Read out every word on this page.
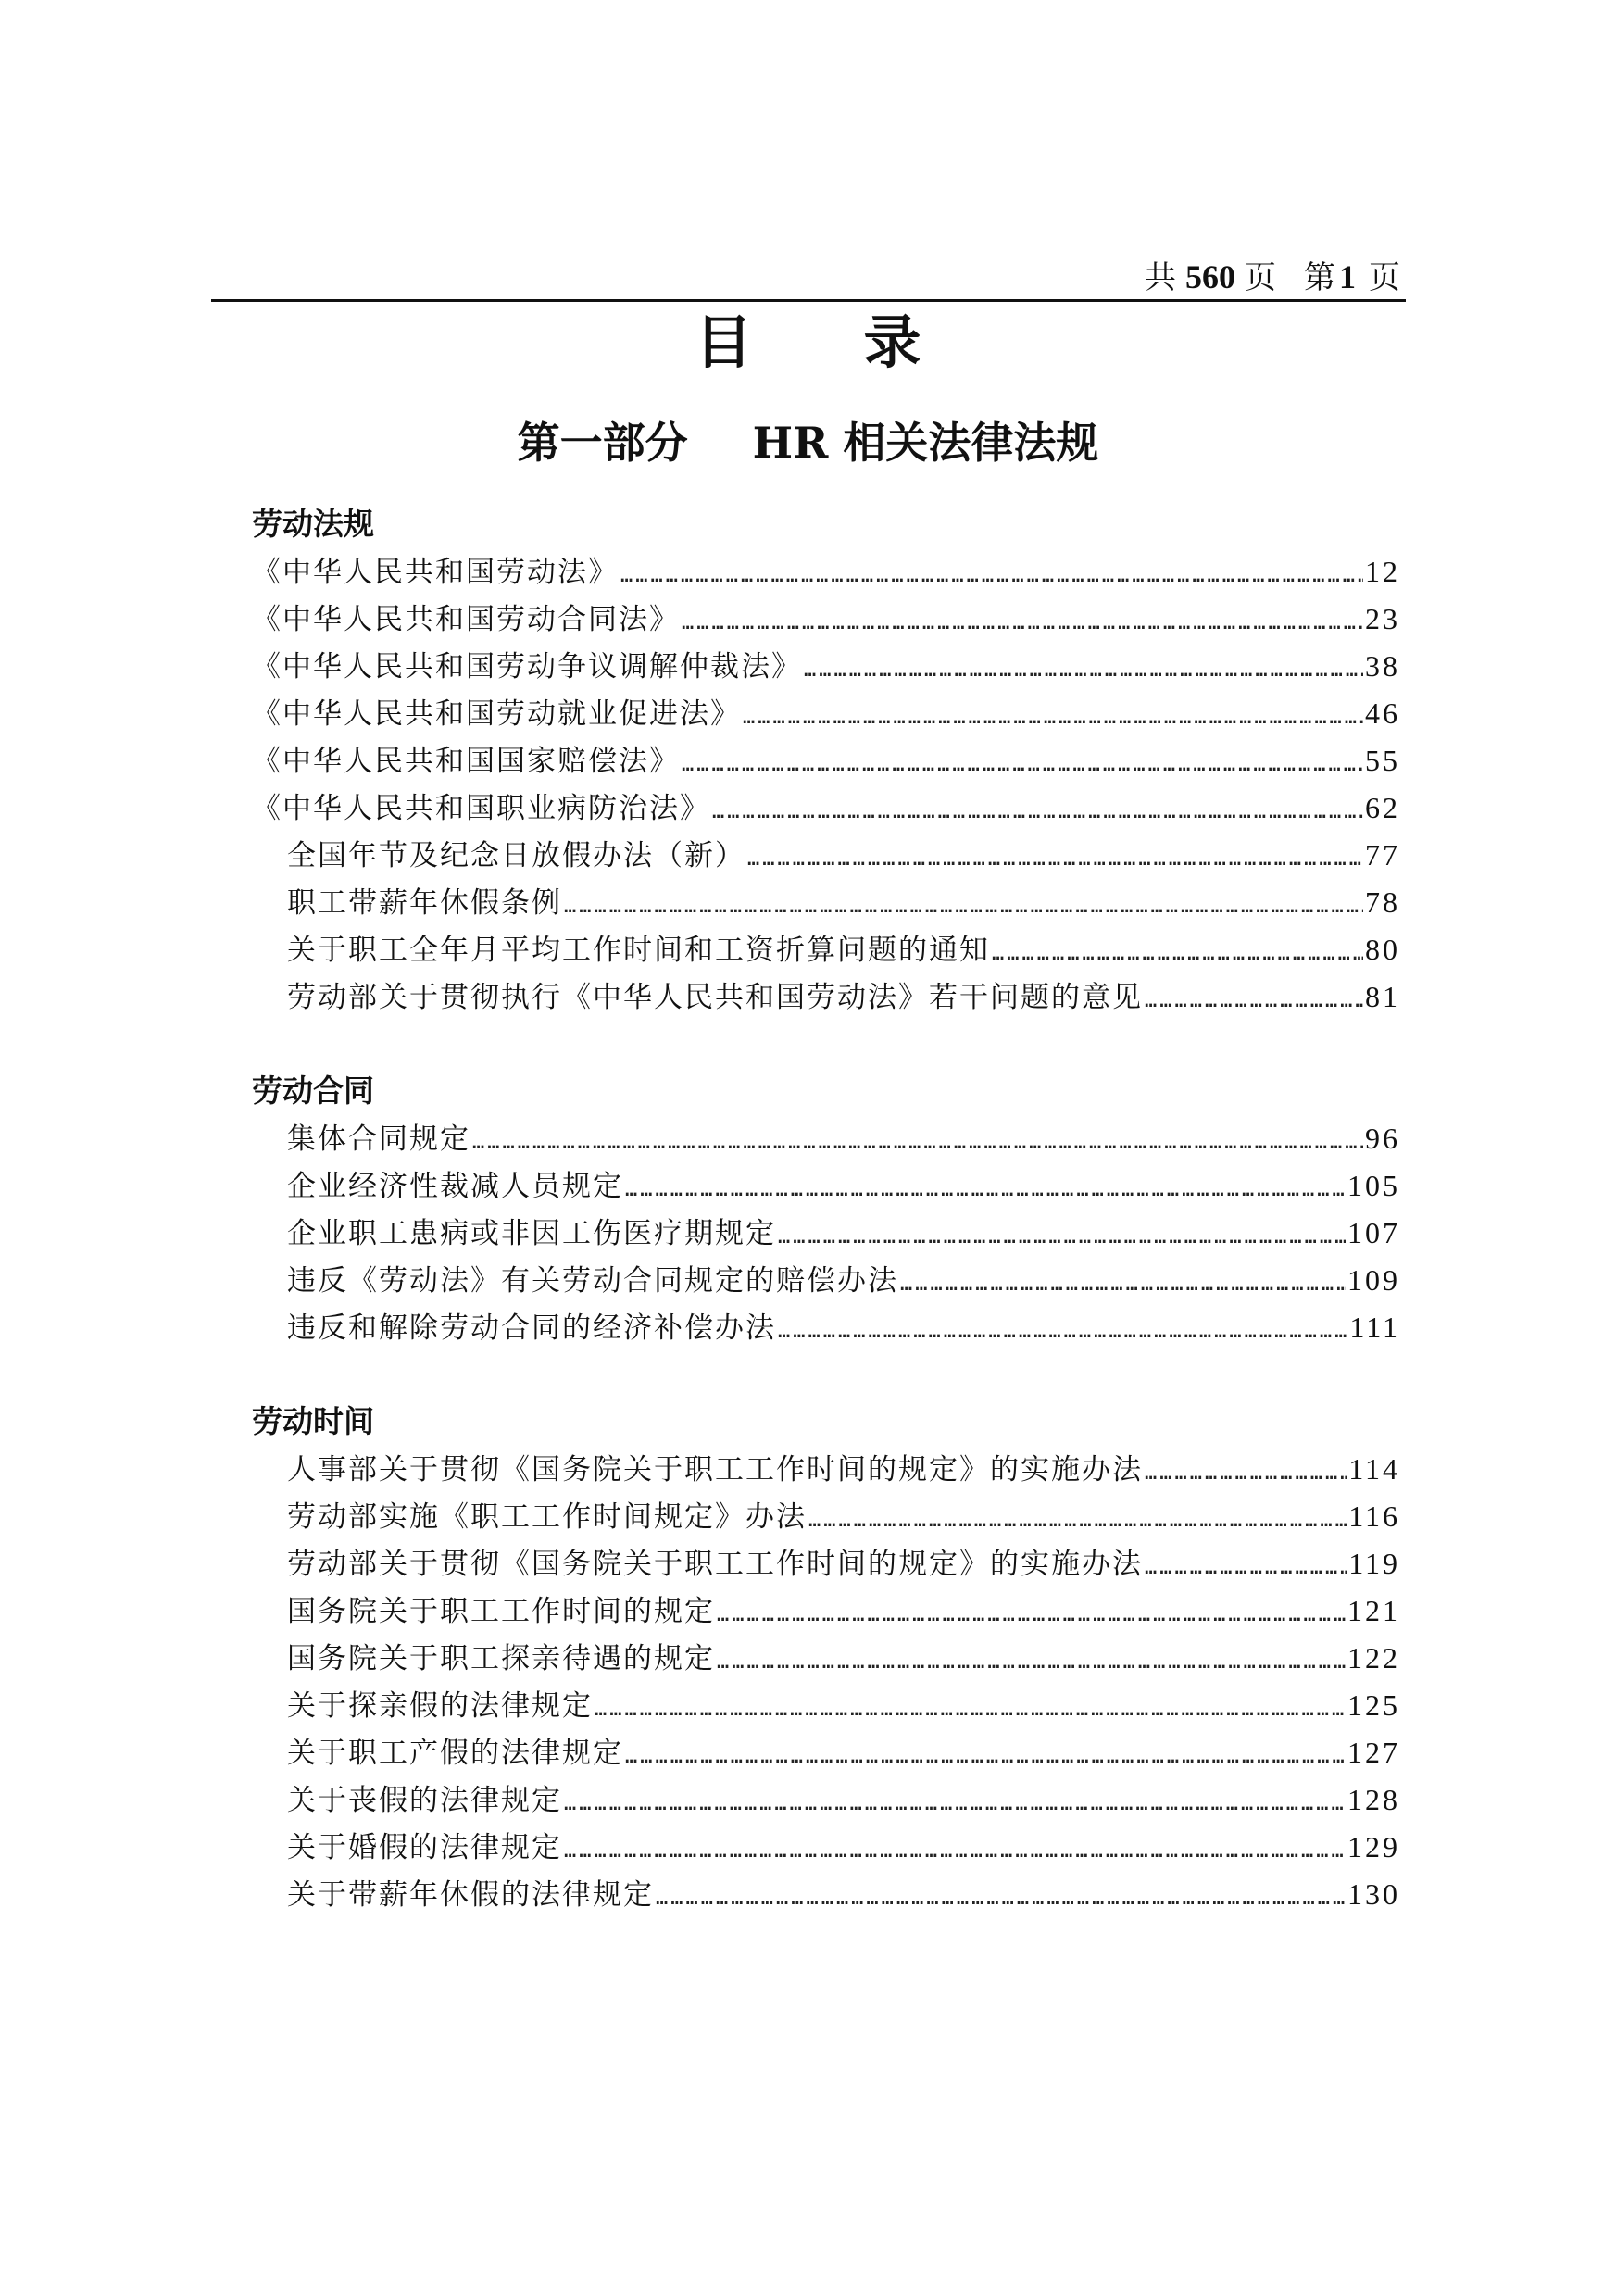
共 560 页 第 1 页
目录
第一部分 HR 相关法律法规
劳动法规
《中华人民共和国劳动法》 ……………………………………………………………………………………………………………………………………………………………………	12
《中华人民共和国劳动合同法》 ……………………………………………………………………………………………………………………………………………………………………	23
《中华人民共和国劳动争议调解仲裁法》 ……………………………………………………………………………………………………………………………………………………………………	38
《中华人民共和国劳动就业促进法》 ……………………………………………………………………………………………………………………………………………………………………	46
《中华人民共和国国家赔偿法》 ……………………………………………………………………………………………………………………………………………………………………	55
《中华人民共和国职业病防治法》 ……………………………………………………………………………………………………………………………………………………………………	62
全国年节及纪念日放假办法（新） ……………………………………………………………………………………………………………………………………………………………………	77
职工带薪年休假条例 ……………………………………………………………………………………………………………………………………………………………………	78
关于职工全年月平均工作时间和工资折算问题的通知 ……………………………………………………………………………………………………………………………………………………………………	80
劳动部关于贯彻执行《中华人民共和国劳动法》若干问题的意见 ……………………………………………………………………………………………………………………………………………………………………	81
劳动合同
集体合同规定 ……………………………………………………………………………………………………………………………………………………………………	96
企业经济性裁减人员规定 ……………………………………………………………………………………………………………………………………………………………………	105
企业职工患病或非因工伤医疗期规定 ……………………………………………………………………………………………………………………………………………………………………	107
违反《劳动法》有关劳动合同规定的赔偿办法 ……………………………………………………………………………………………………………………………………………………………………	109
违反和解除劳动合同的经济补偿办法 ……………………………………………………………………………………………………………………………………………………………………	111
劳动时间
人事部关于贯彻《国务院关于职工工作时间的规定》的实施办法 ……………………………………………………………………………………………………………………………………………………………………	114
劳动部实施《职工工作时间规定》办法 ……………………………………………………………………………………………………………………………………………………………………	116
劳动部关于贯彻《国务院关于职工工作时间的规定》的实施办法 ……………………………………………………………………………………………………………………………………………………………………	119
国务院关于职工工作时间的规定 ……………………………………………………………………………………………………………………………………………………………………	121
国务院关于职工探亲待遇的规定 ……………………………………………………………………………………………………………………………………………………………………	122
关于探亲假的法律规定 ……………………………………………………………………………………………………………………………………………………………………	125
关于职工产假的法律规定 ……………………………………………………………………………………………………………………………………………………………………	127
关于丧假的法律规定 ……………………………………………………………………………………………………………………………………………………………………	128
关于婚假的法律规定 ……………………………………………………………………………………………………………………………………………………………………	129
关于带薪年休假的法律规定 ……………………………………………………………………………………………………………………………………………………………………	130
